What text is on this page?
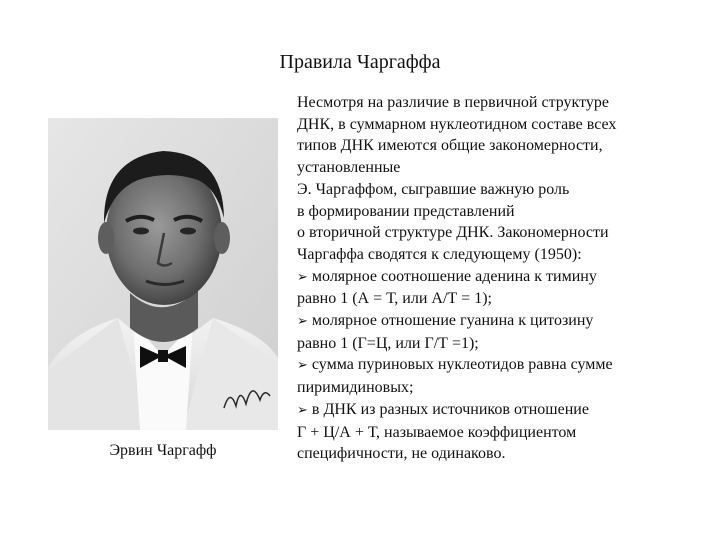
Правила Чаргаффа
Эрвин Чаргафф

Несмотря на различие в первичной структуре

ДНК, в суммарном нуклеотидном составе всех

типов ДНК имеются общие закономерности,

установленные

Э. Чаргаффом, сыгравшие важную роль

в формировании представлений

о вторичной структуре ДНК. Закономерности

Чаргаффа сводятся к следующему (1950):

➢ молярное соотношение аденина к тимину

равно 1 (А = Т, или А/Т = 1);

➢ молярное отношение гуанина к цитозину

равно 1 (Г=Ц, или Г/Т =1);

➢ сумма пуриновых нуклеотидов равна сумме

пиримидиновых;

➢ в ДНК из разных источников отношение

Г + Ц/А + Т, называемое коэффициентом

специфичности, не одинаково.
